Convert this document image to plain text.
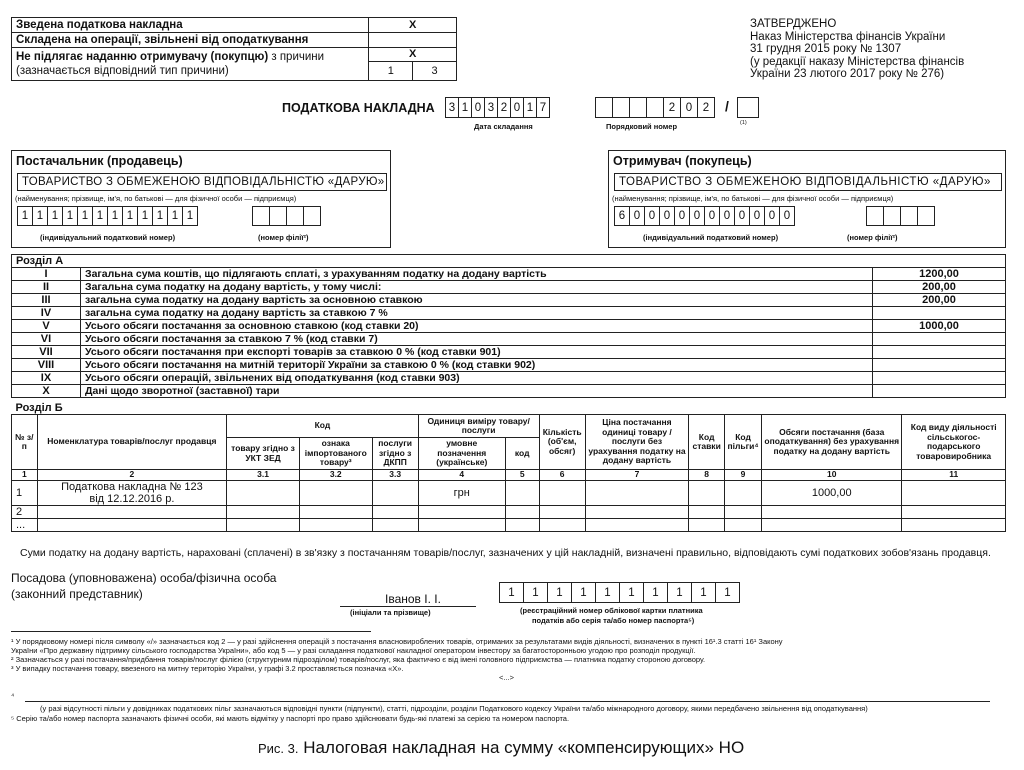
Зведена податкова накладна	X	
Складена на операції, звільнені від оподаткування		
Не підлягає наданню отримувачу (покупцю) з причини
(зазначається відповідний тип причини)	X	
	1	3
ЗАТВЕРДЖЕНО
Наказ Міністерства фінансів України
31 грудня 2015 року № 1307
(у редакції наказу Міністерства фінансів
України 23 лютого 2017 року № 276)
ПОДАТКОВА НАКЛАДНА	3 1 0 3 2 0 1 7
Дата складання
2 0 2	/
Порядковий номер	(1)
Постачальник (продавець)
ТОВАРИСТВО З ОБМЕЖЕНОЮ ВІДПОВІДАЛЬНІСТЮ «ДАРУЮ»
(найменування; прізвище, ім'я, по батькові — для фізичної особи — підприємця)
1 1 1 1 1 1 1 1 1 1 1 1
(індивідуальний податковий номер)	(номер філії²)
Отримувач (покупець)
ТОВАРИСТВО З ОБМЕЖЕНОЮ ВІДПОВІДАЛЬНІСТЮ «ДАРУЮ»
(найменування; прізвище, ім'я, по батькові — для фізичної особи — підприємця)
6 0 0 0 0 0 0 0 0 0 0 0
(індивідуальний податковий номер)	(номер філії²)
Розділ А		
I	Загальна сума коштів, що підлягають сплаті, з урахуванням податку на додану вартість	1200,00
II	Загальна сума податку на додану вартість, у тому числі:	200,00
III	загальна сума податку на додану вартість за основною ставкою	200,00
IV	загальна сума податку на додану вартість за ставкою 7 %	
V	Усього обсяги постачання за основною ставкою (код ставки 20)	1000,00
VI	Усього обсяги постачання за ставкою 7 % (код ставки 7)	
VII	Усього обсяги постачання при експорті товарів за ставкою 0 % (код ставки 901)	
VIII	Усього обсяги постачання на митній території України за ставкою 0 % (код ставки 902)	
IX	Усього обсяги операцій, звільнених від оподаткування (код ставки 903)	
X	Дані щодо зворотної (заставної) тари	
Розділ Б												
№ з/п	Номенклатура товарів/послуг продавця	Код			Одиниця виміру товару/послуги		Кількість (об'єм, обсяг)	Ціна постачання одиниці товару / послуги без урахування податку на додану вартість	Код ставки	Код пільги⁴	Обсяги постачання (база оподаткування) без урахування податку на додану вартість	Код виду діяльності сільськогос-подарського товаровиробника
		товару згідно з УКТ ЗЕД	ознака імпортованого товару³	послуги згідно з ДКПП	умовне позначення (українське)	код						
1	2	3.1	3.2	3.3	4	5	6	7	8	9	10	11
1	Податкова накладна № 123
від 12.12.2016 р.				грн						1000,00	
2	

...	

Суми податку на додану вартість, нараховані (сплачені) в зв'язку з постачанням товарів/послуг, зазначених у цій накладній, визначені правильно, відповідають сумі податкових зобов'язань продавця.
Посадова (уповноважена) особа/фізична особа
(законний представник)	Іванов І. І.
(ініціали та прізвище)
1	1	1	1	1	1	1	1	1	1
(реєстраційний номер облікової картки платника
податків або серія та/або номер паспорта⁵)
¹ У порядковому номері після символу «/» зазначається код 2 — у разі здійснення операцій з постачання власновироблених товарів, отриманих за результатами видів діяльності, визначених в пункті 16¹.3 статті 16¹ Закону
України «Про державну підтримку сільського господарства України», або код 5 — у разі складання податкової накладної оператором інвестору за багатосторонньою угодою про розподіл продукції.
² Зазначається у разі постачання/придбання товарів/послуг філією (структурним підрозділом) товарів/послуг, яка фактично є від імені головного підприємства — платника податку стороною договору.
³ У випадку постачання товару, ввезеного на митну територію України, у графі 3.2 проставляється позначка «Х».
<...>
⁴
(у разі відсутності пільги у довідниках податкових пільг зазначаються відповідні пункти (підпункти), статті, підрозділи, розділи Податкового кодексу України та/або міжнародного договору, якими передбачено звільнення від оподаткування)
⁵ Серію та/або номер паспорта зазначають фізичні особи, які мають відмітку у паспорті про право здійснювати будь-які платежі за серією та номером паспорта.
Рис. 3. Налоговая накладная на сумму «компенсирующих» НО
